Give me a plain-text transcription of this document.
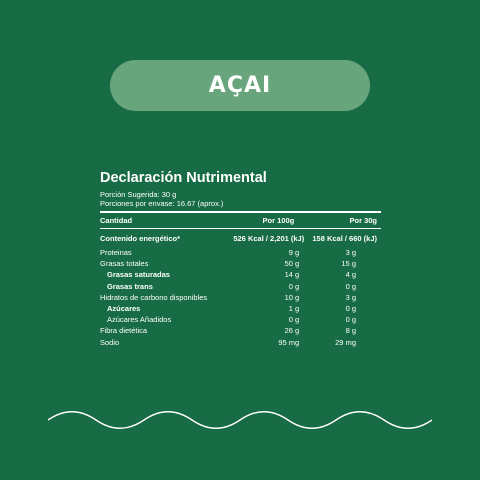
AÇAI
Declaración Nutrimental
Porción Sugerida: 30 g
Porciones por envase: 16.67 (aprox.)
Cantidad	Por 100g	Por 30g
Contenido energético*	526 Kcal / 2,201 (kJ)	158 Kcal / 660 (kJ)
Proteinas	9 g	3 g
Grasas totales	50 g	15 g
Grasas saturadas	14 g	4 g
Grasas trans	0 g	0 g
Hidratos de carbono disponibles	10 g	3 g
Azúcares	1 g	0 g
Azúcares Añadidos	0 g	0 g
Fibra dietética	26 g	8 g
Sodio	95 mg	29 mg
